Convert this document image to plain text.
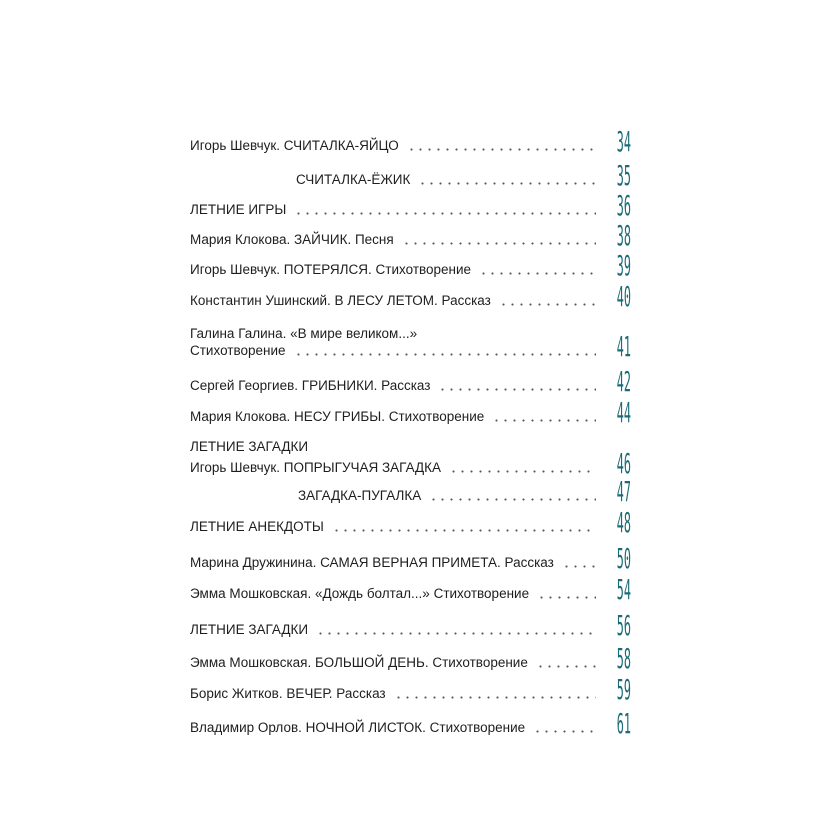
Игорь Шевчук. СЧИТАЛКА-ЯЙЦО	34
СЧИТАЛКА-ЁЖИК	35
ЛЕТНИЕ ИГРЫ	36
Мария Клокова. ЗАЙЧИК. Песня	38
Игорь Шевчук. ПОТЕРЯЛСЯ. Стихотворение	39
Константин Ушинский. В ЛЕСУ ЛЕТОМ. Рассказ	40
Галина Галина. «В мире великом...»
Стихотворение	41
Сергей Георгиев. ГРИБНИКИ. Рассказ	42
Мария Клокова. НЕСУ ГРИБЫ. Стихотворение	44
ЛЕТНИЕ ЗАГАДКИ
Игорь Шевчук. ПОПРЫГУЧАЯ ЗАГАДКА	46
ЗАГАДКА-ПУГАЛКА	47
ЛЕТНИЕ АНЕКДОТЫ	48
Марина Дружинина. САМАЯ ВЕРНАЯ ПРИМЕТА. Рассказ 50
Эмма Мошковская. «Дождь болтал...» Стихотворение	54
ЛЕТНИЕ ЗАГАДКИ	56
Эмма Мошковская. БОЛЬШОЙ ДЕНЬ. Стихотворение	58
Борис Житков. ВЕЧЕР. Рассказ	59
Владимир Орлов. НОЧНОЙ ЛИСТОК. Стихотворение	61
